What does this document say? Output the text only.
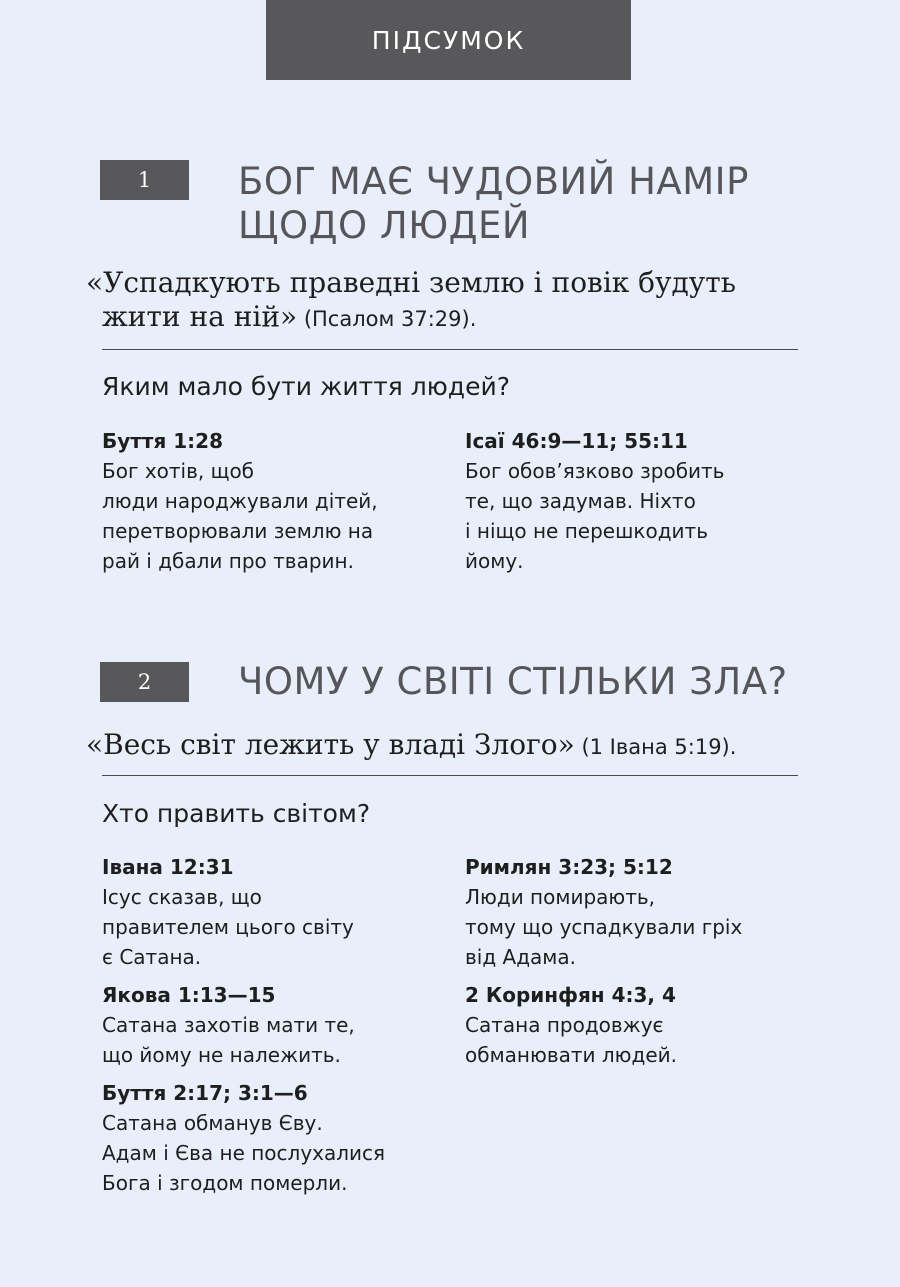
ПІДСУМОК
1 БОГ МАЄ ЧУДОВИЙ НАМІР
ЩОДО ЛЮДЕЙ

«Успадкують праведні землю і повік будуть
жити на ній» (Псалом 37:29).

Яким мало бути життя людей?
Буття 1:28
Бог хотів, щоб
люди народжували дітей,
перетворювали землю на
рай і дбали про тварин.
Ісаї 46:9—11; 55:11
Бог обов’язково зробить
те, що задумав. Ніхто
і ніщо не перешкодить
йому.
2 ЧОМУ У СВІТІ СТІЛЬКИ ЗЛА?

«Весь світ лежить у владі Злого» (1 Івана 5:19).

Хто править світом?
Івана 12:31
Ісус сказав, що
правителем цього світу
є Сатана.
Якова 1:13—15
Сатана захотів мати те,
що йому не належить.
Буття 2:17; 3:1—6
Сатана обманув Єву.
Адам і Єва не послухалися
Бога і згодом померли.
Римлян 3:23; 5:12
Люди помирають,
тому що успадкували гріх
від Адама.
2 Коринфян 4:3, 4
Сатана продовжує
обманювати людей.
